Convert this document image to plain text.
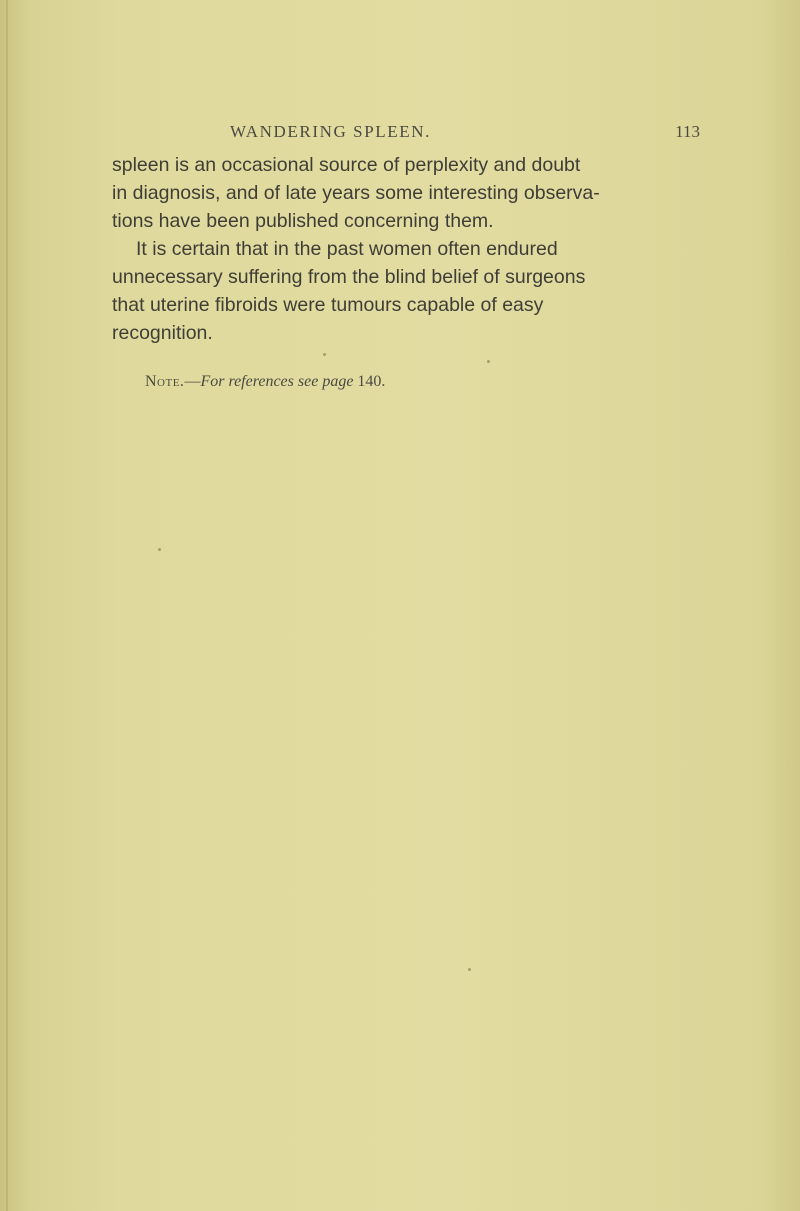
WANDERING SPLEEN.	113
spleen is an occasional source of perplexity and doubt
in diagnosis, and of late years some interesting observa-
tions have been published concerning them.
It is certain that in the past women often endured
unnecessary suffering from the blind belief of surgeons
that uterine fibroids were tumours capable of easy
recognition.
Note.—For references see page 140.
